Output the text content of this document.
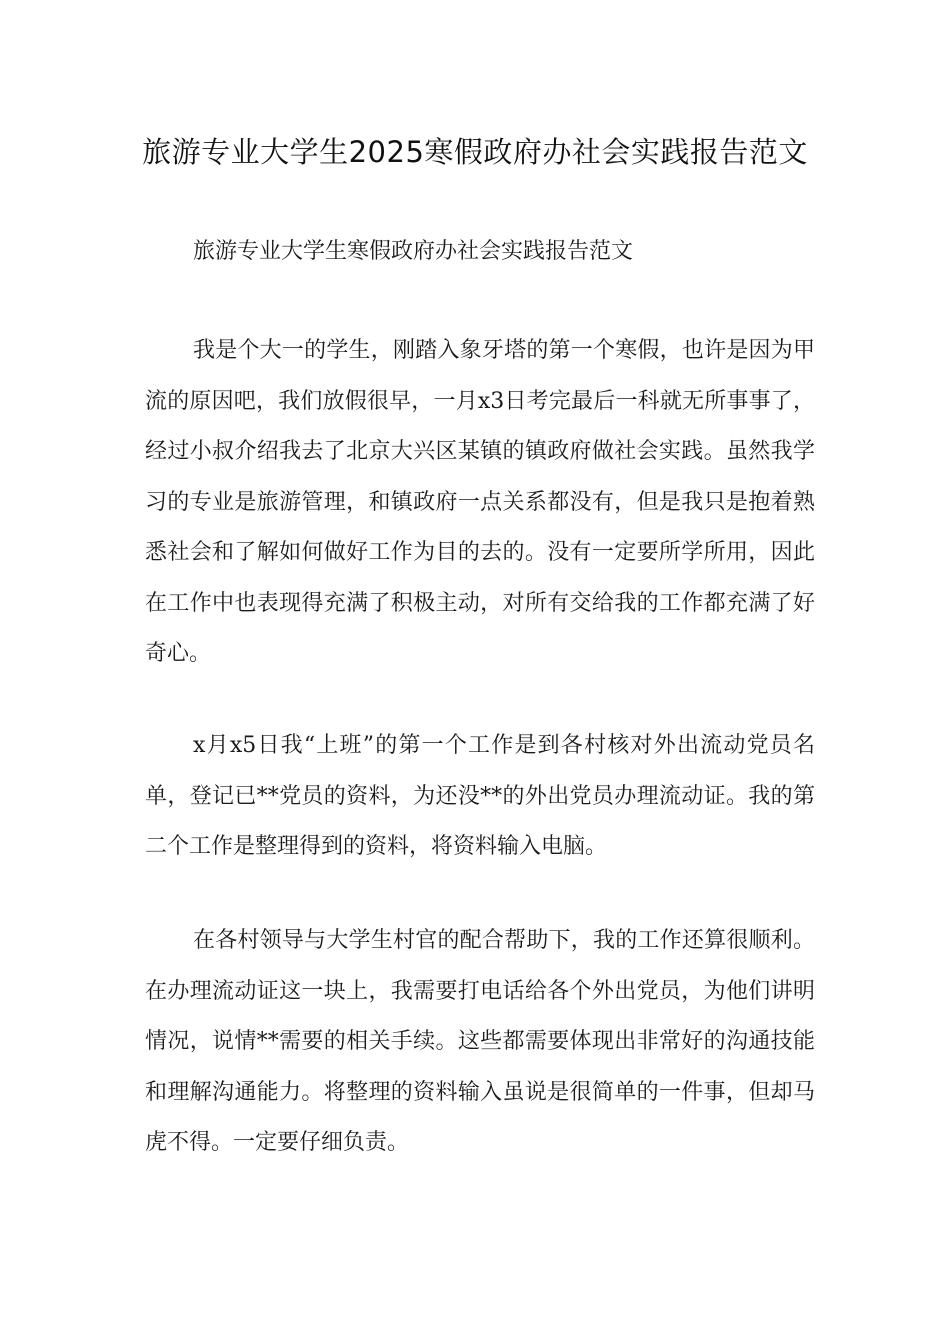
旅游专业大学生2025寒假政府办社会实践报告范文

旅游专业大学生寒假政府办社会实践报告范文

我是个大一的学生，刚踏入象牙塔的第一个寒假，也许是因为甲流的原因吧，我们放假很早，一月x3日考完最后一科就无所事事了，经过小叔介绍我去了北京大兴区某镇的镇政府做社会实践。虽然我学习的专业是旅游管理，和镇政府一点关系都没有，但是我只是抱着熟悉社会和了解如何做好工作为目的去的。没有一定要所学所用，因此在工作中也表现得充满了积极主动，对所有交给我的工作都充满了好奇心。

x月x5日我“上班”的第一个工作是到各村核对外出流动党员名单，登记已**党员的资料，为还没**的外出党员办理流动证。我的第二个工作是整理得到的资料，将资料输入电脑。

在各村领导与大学生村官的配合帮助下，我的工作还算很顺利。在办理流动证这一块上，我需要打电话给各个外出党员，为他们讲明情况，说情**需要的相关手续。这些都需要体现出非常好的沟通技能和理解沟通能力。将整理的资料输入虽说是很简单的一件事，但却马虎不得。一定要仔细负责。
